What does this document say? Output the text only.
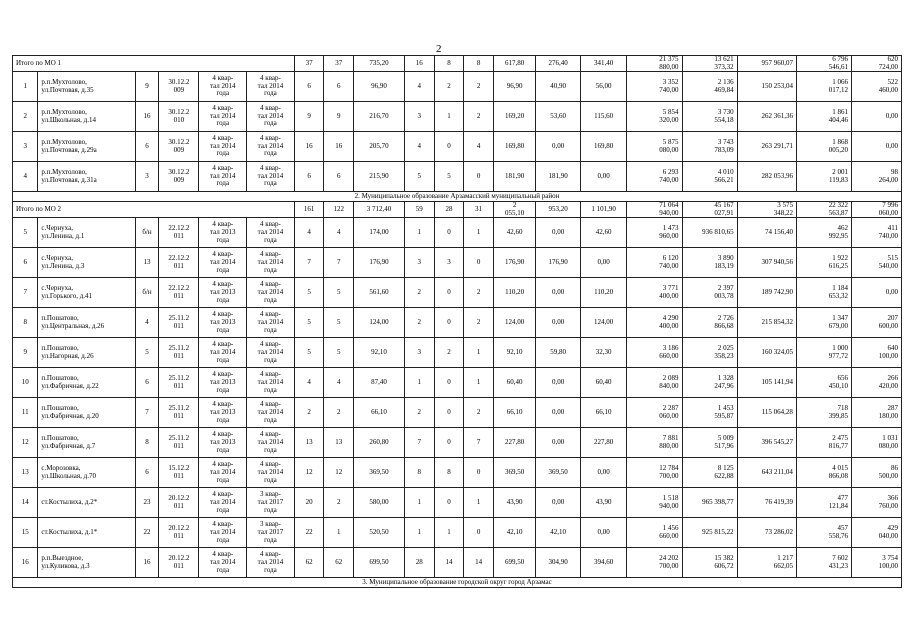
2
Итого по МО 1						37	37	735,20	16	8	8	617,80	276,40	341,40	21 375
880,00	13 621
373,32	957 960,07	6 796
546,61	620
724,00

1	р.п.Мухтолово,
ул.Почтовая, д.35	9	30.12.2
009	4 квар-
тал 2014
года	4 квар-
тал 2014
года	6	6	96,90	4	2	2	96,90	40,90	56,00	3 352
740,00	2 136
469,84	150 253,04	1 066
017,12	522
460,00

2	р.п.Мухтолово,
ул.Школьная, д.14	16	30.12.2
010	4 квар-
тал 2014
года	4 квар-
тал 2014
года	9	9	216,70	3	1	2	169,20	53,60	115,60	5 854
320,00	3 730
554,18	262 361,36	1 861
404,46	0,00

3	р.п.Мухтолово,
ул.Почтовая, д.29а	6	30.12.2
009	4 квар-
тал 2014
года	4 квар-
тал 2014
года	16	16	205,70	4	0	4	169,80	0,00	169,80	5 875
080,00	3 743
783,09	263 291,71	1 868
005,20	0,00

4	р.п.Мухтолово,
ул.Почтовая, д.31а	3	30.12.2
009	4 квар-
тал 2014
года	4 квар-
тал 2014
года	6	6	215,90	5	5	0	181,90	181,90	0,00	6 293
740,00	4 010
566,21	282 053,96	2 001
119,83	98
264,00

2. Муниципальное образование Арзамасский муниципальный район																			
Итого по МО 2						161	122	3 712,40	59	28	31	2
055,10	953,20	1 101,90	71 064
940,00	45 167
027,91	3 575
348,22	22 322
563,87	7 996
060,00

5	с.Чернуха,
ул.Ленина, д.1	б/н	22.12.2
011	4 квар-
тал 2013
года	4 квар-
тал 2014
года	4	4	174,00	1	0	1	42,60	0,00	42,60	1 473
960,00	936 810,65	74 156,40	462
992,95	411
740,00

6	с.Чернуха,
ул.Ленина, д.3	13	22.12.2
011	4 квар-
тал 2014
года	4 квар-
тал 2014
года	7	7	176,90	3	3	0	176,90	176,90	0,00	6 120
740,00	3 890
183,19	307 940,56	1 922
616,25	515
540,00

7	с.Чернуха,
ул.Горького, д.41	б/н	22.12.2
011	4 квар-
тал 2013
года	4 квар-
тал 2014
года	5	5	561,60	2	0	2	110,20	0,00	110,20	3 771
400,00	2 397
003,78	189 742,90	1 184
653,32	0,00

8	п.Пошатово,
ул.Центральная, д.26	4	25.11.2
011	4 квар-
тал 2013
года	4 квар-
тал 2014
года	5	5	124,00	2	0	2	124,00	0,00	124,00	4 290
400,00	2 726
866,68	215 854,32	1 347
679,00	207
600,00

9	п.Пошатово,
ул.Нагорная, д.26	5	25.11.2
011	4 квар-
тал 2014
года	4 квар-
тал 2014
года	5	5	92,10	3	2	1	92,10	59,80	32,30	3 186
660,00	2 025
358,23	160 324,05	1 000
977,72	640
100,00

10	п.Пошатово,
ул.Фабричная, д.22	6	25.11.2
011	4 квар-
тал 2013
года	4 квар-
тал 2014
года	4	4	87,40	1	0	1	60,40	0,00	60,40	2 089
840,00	1 328
247,96	105 141,94	656
450,10	266
420,00

11	п.Пошатово,
ул.Фабричная, д.20	7	25.11.2
011	4 квар-
тал 2013
года	4 квар-
тал 2014
года	2	2	66,10	2	0	2	66,10	0,00	66,10	2 287
060,00	1 453
595,87	115 064,28	718
399,85	287
180,00

12	п.Пошатово,
ул.Фабричная, д.7	8	25.11.2
011	4 квар-
тал 2013
года	4 квар-
тал 2014
года	13	13	260,80	7	0	7	227,80	0,00	227,80	7 881
880,00	5 009
517,96	396 545,27	2 475
816,77	1 031
080,00

13	с.Морозовка,
ул.Школьная, д.70	6	15.12.2
011	4 квар-
тал 2014
года	4 квар-
тал 2014
года	12	12	369,50	8	8	0	369,50	369,50	0,00	12 784
700,00	8 125
622,88	643 211,04	4 015
866,08	86
500,00

14	ст.Костылиха, д.2*	23	20.12.2
011	4 квар-
тал 2014
года	3 квар-
тал 2017
года	20	2	580,00	1	0	1	43,90	0,00	43,90	1 518
940,00	965 398,77	76 419,39	477
121,84	366
760,00

15	ст.Костылиха, д.1*	22	20.12.2
011	4 квар-
тал 2014
года	3 квар-
тал 2017
года	22	1	520,50	1	1	0	42,10	42,10	0,00	1 456
660,00	925 815,22	73 286,02	457
558,76	429
040,00

16	р.п.Выездное,
ул.Куликова, д.3	16	20.12.2
011	4 квар-
тал 2014
года	4 квар-
тал 2014
года	62	62	699,50	28	14	14	699,50	304,90	394,60	24 202
700,00	15 382
606,72	1 217
662,05	7 602
431,23	3 754
100,00

3. Муниципальное образование городской округ город Арзамас																			
